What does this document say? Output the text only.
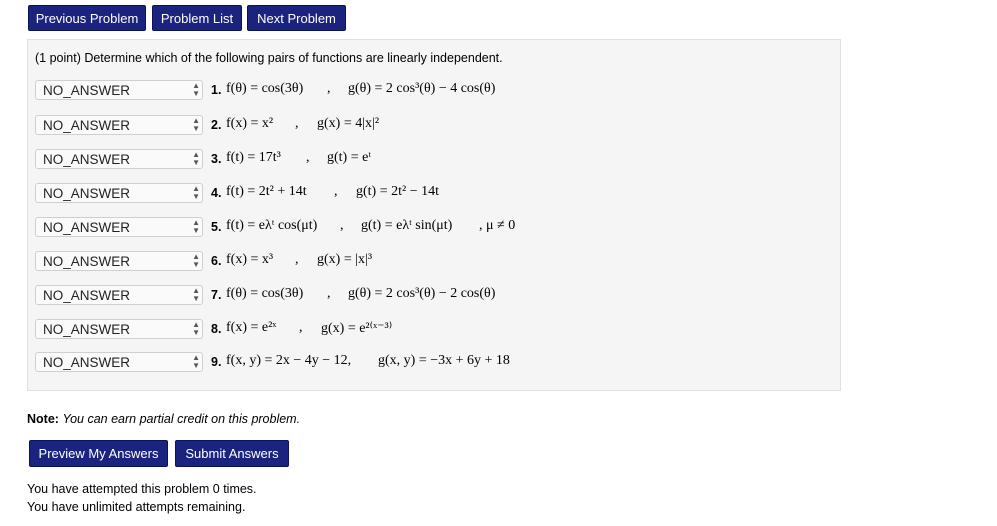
Previous Problem	Problem List	Next Problem
(1 point) Determine which of the following pairs of functions are linearly independent.
NO_ANSWER	▲
▼ 1. f(θ) = cos(3θ) , g(θ) = 2 cos³(θ) − 4 cos(θ)
NO_ANSWER	▲
▼ 2. f(x) = x² , g(x) = 4|x|²
NO_ANSWER	▲
▼ 3. f(t) = 17t³ , g(t) = eᵗ
NO_ANSWER	▲
▼ 4. f(t) = 2t² + 14t , g(t) = 2t² − 14t
NO_ANSWER	▲
▼ 5. f(t) = eλᵗ cos(μt) , g(t) = eλᵗ sin(μt) , μ ≠ 0
NO_ANSWER	▲
▼ 6. f(x) = x³ , g(x) = |x|³
NO_ANSWER	▲
▼ 7. f(θ) = cos(3θ) , g(θ) = 2 cos³(θ) − 2 cos(θ)
NO_ANSWER	▲
▼ 8. f(x) = e²ˣ , g(x) = e²⁽ˣ⁻³⁾
NO_ANSWER	▲
▼ 9. f(x, y) = 2x − 4y − 12, g(x, y) = −3x + 6y + 18
Note: You can earn partial credit on this problem.
Preview My Answers	Submit Answers
You have attempted this problem 0 times.
You have unlimited attempts remaining.
